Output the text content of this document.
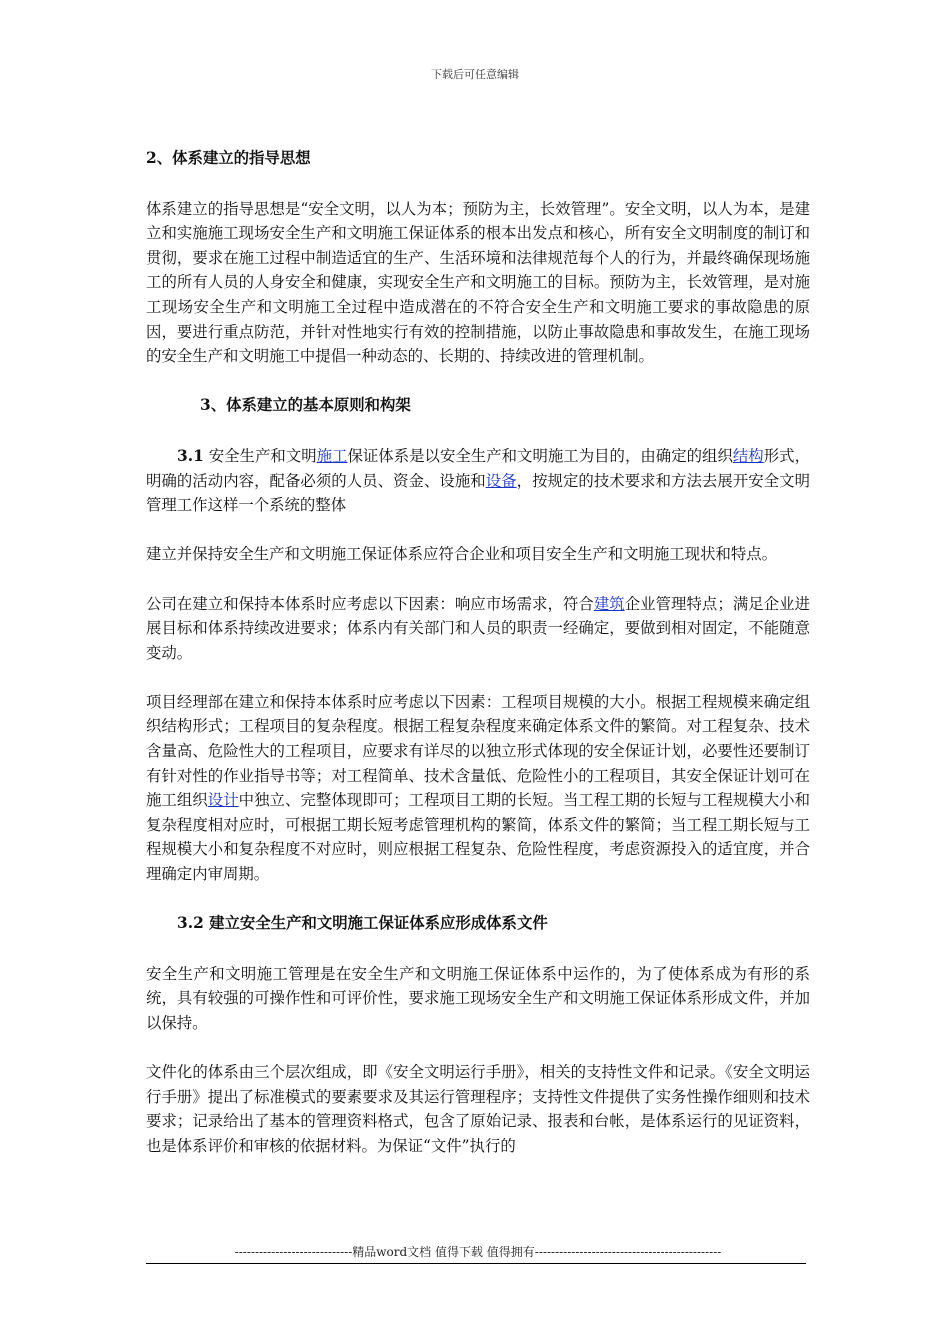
下载后可任意编辑

2、体系建立的指导思想

体系建立的指导思想是“安全文明，以人为本；预防为主，长效管理”。安全文明，以人为本，是建立和实施施工现场安全生产和文明施工保证体系的根本出发点和核心，所有安全文明制度的制订和贯彻，要求在施工过程中制造适宜的生产、生活环境和法律规范每个人的行为，并最终确保现场施工的所有人员的人身安全和健康，实现安全生产和文明施工的目标。预防为主，长效管理，是对施工现场安全生产和文明施工全过程中造成潜在的不符合安全生产和文明施工要求的事故隐患的原因，要进行重点防范，并针对性地实行有效的控制措施，以防止事故隐患和事故发生，在施工现场的安全生产和文明施工中提倡一种动态的、长期的、持续改进的管理机制。

3、体系建立的基本原则和构架

3.1 安全生产和文明施工保证体系是以安全生产和文明施工为目的，由确定的组织结构形式，明确的活动内容，配备必须的人员、资金、设施和设备，按规定的技术要求和方法去展开安全文明管理工作这样一个系统的整体

建立并保持安全生产和文明施工保证体系应符合企业和项目安全生产和文明施工现状和特点。

公司在建立和保持本体系时应考虑以下因素：响应市场需求，符合建筑企业管理特点；满足企业进展目标和体系持续改进要求；体系内有关部门和人员的职责一经确定，要做到相对固定，不能随意变动。

项目经理部在建立和保持本体系时应考虑以下因素：工程项目规模的大小。根据工程规模来确定组织结构形式；工程项目的复杂程度。根据工程复杂程度来确定体系文件的繁简。对工程复杂、技术含量高、危险性大的工程项目，应要求有详尽的以独立形式体现的安全保证计划，必要性还要制订有针对性的作业指导书等；对工程简单、技术含量低、危险性小的工程项目，其安全保证计划可在施工组织设计中独立、完整体现即可；工程项目工期的长短。当工程工期的长短与工程规模大小和复杂程度相对应时，可根据工期长短考虑管理机构的繁简，体系文件的繁简；当工程工期长短与工程规模大小和复杂程度不对应时，则应根据工程复杂、危险性程度，考虑资源投入的适宜度，并合理确定内审周期。

3.2 建立安全生产和文明施工保证体系应形成体系文件

安全生产和文明施工管理是在安全生产和文明施工保证体系中运作的，为了使体系成为有形的系统，具有较强的可操作性和可评价性，要求施工现场安全生产和文明施工保证体系形成文件，并加以保持。

文件化的体系由三个层次组成，即《安全文明运行手册》，相关的支持性文件和记录。《安全文明运行手册》提出了标准模式的要素要求及其运行管理程序；支持性文件提供了实务性操作细则和技术要求；记录给出了基本的管理资料格式，包含了原始记录、报表和台帐，是体系运行的见证资料，也是体系评价和审核的依据材料。为保证“文件”执行的

-----------------------------精品word文档 值得下载 值得拥有----------------------------------------------
